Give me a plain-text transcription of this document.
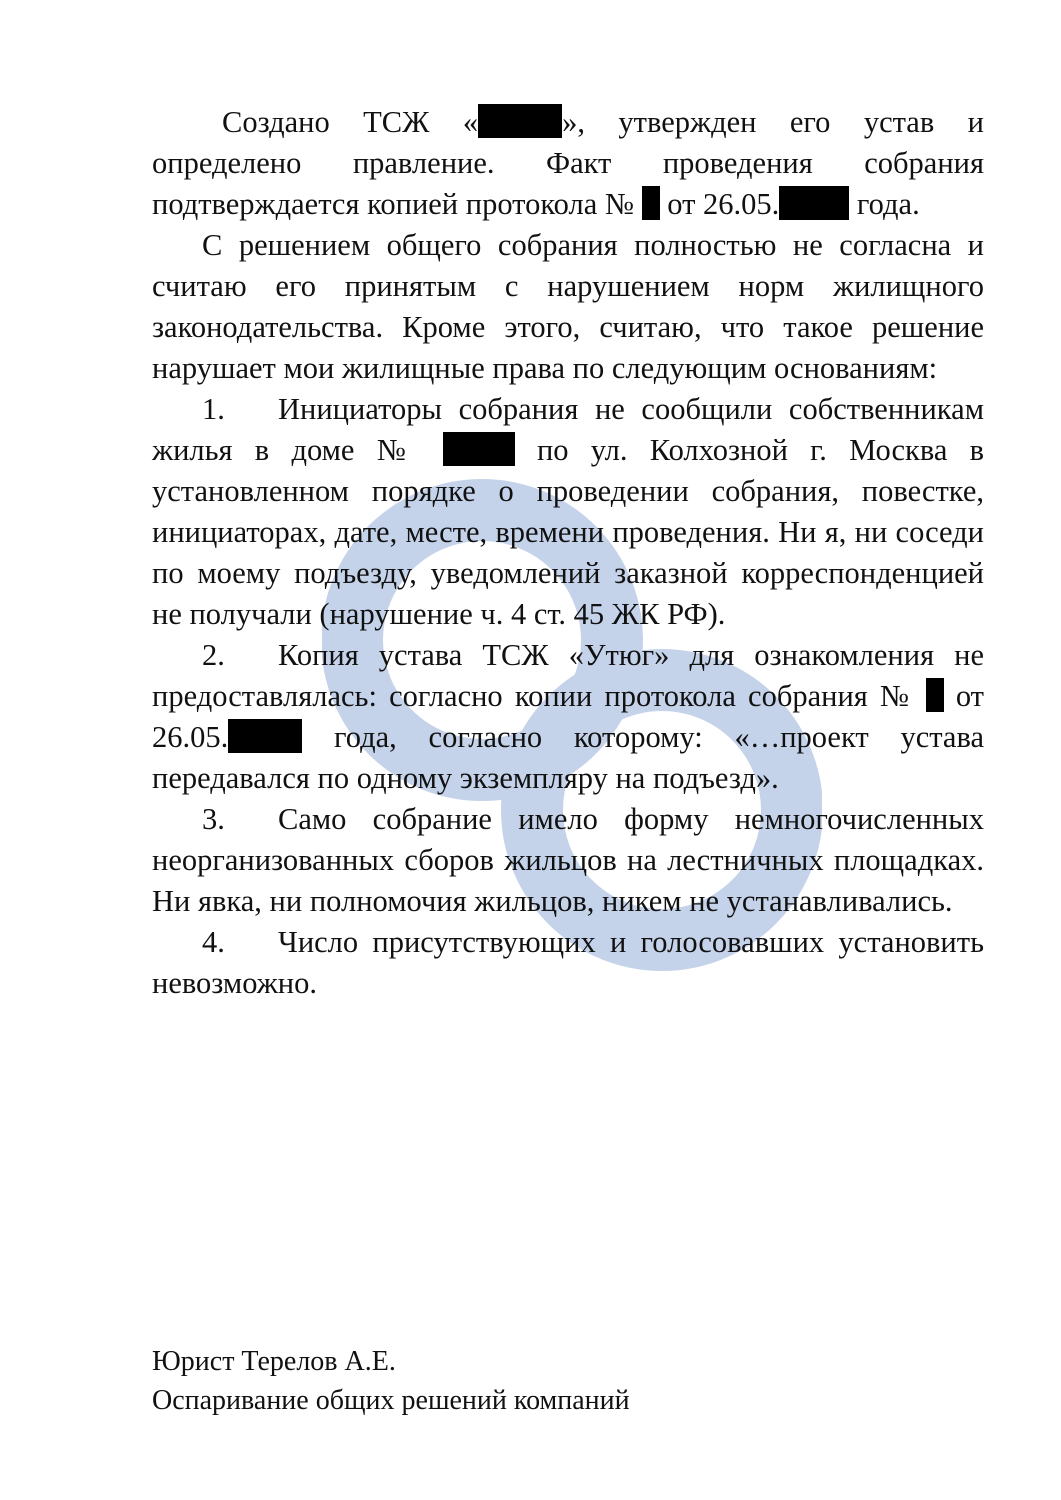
Создано ТСЖ «	», утвержден его устав и определено правление. Факт проведения собрания подтверждается копией протокола № от 26.05.	года.

С решением общего собрания полностью не согласна и считаю его принятым с нарушением норм жилищного законодательства. Кроме этого, считаю, что такое решение нарушает мои жилищные права по следующим основаниям:

1. Инициаторы собрания не сообщили собственникам жилья в доме №	по ул. Колхозной г. Москва в установленном порядке о проведении собрания, повестке, инициаторах, дате, месте, времени проведения. Ни я, ни соседи по моему подъезду, уведомлений заказной корреспонденцией не получали (нарушение ч. 4 ст. 45 ЖК РФ).

2. Копия устава ТСЖ «Утюг» для ознакомления не предоставлялась: согласно копии протокола собрания № от 26.05.	года, согласно которому: «…проект устава передавался по одному экземпляру на подъезд».

3. Само собрание имело форму немногочисленных неорганизованных сборов жильцов на лестничных площадках. Ни явка, ни полномочия жильцов, никем не устанавливались.

4. Число присутствующих и голосовавших установить невозможно.

Юрист Терелов А.Е.
Оспаривание общих решений компаний
